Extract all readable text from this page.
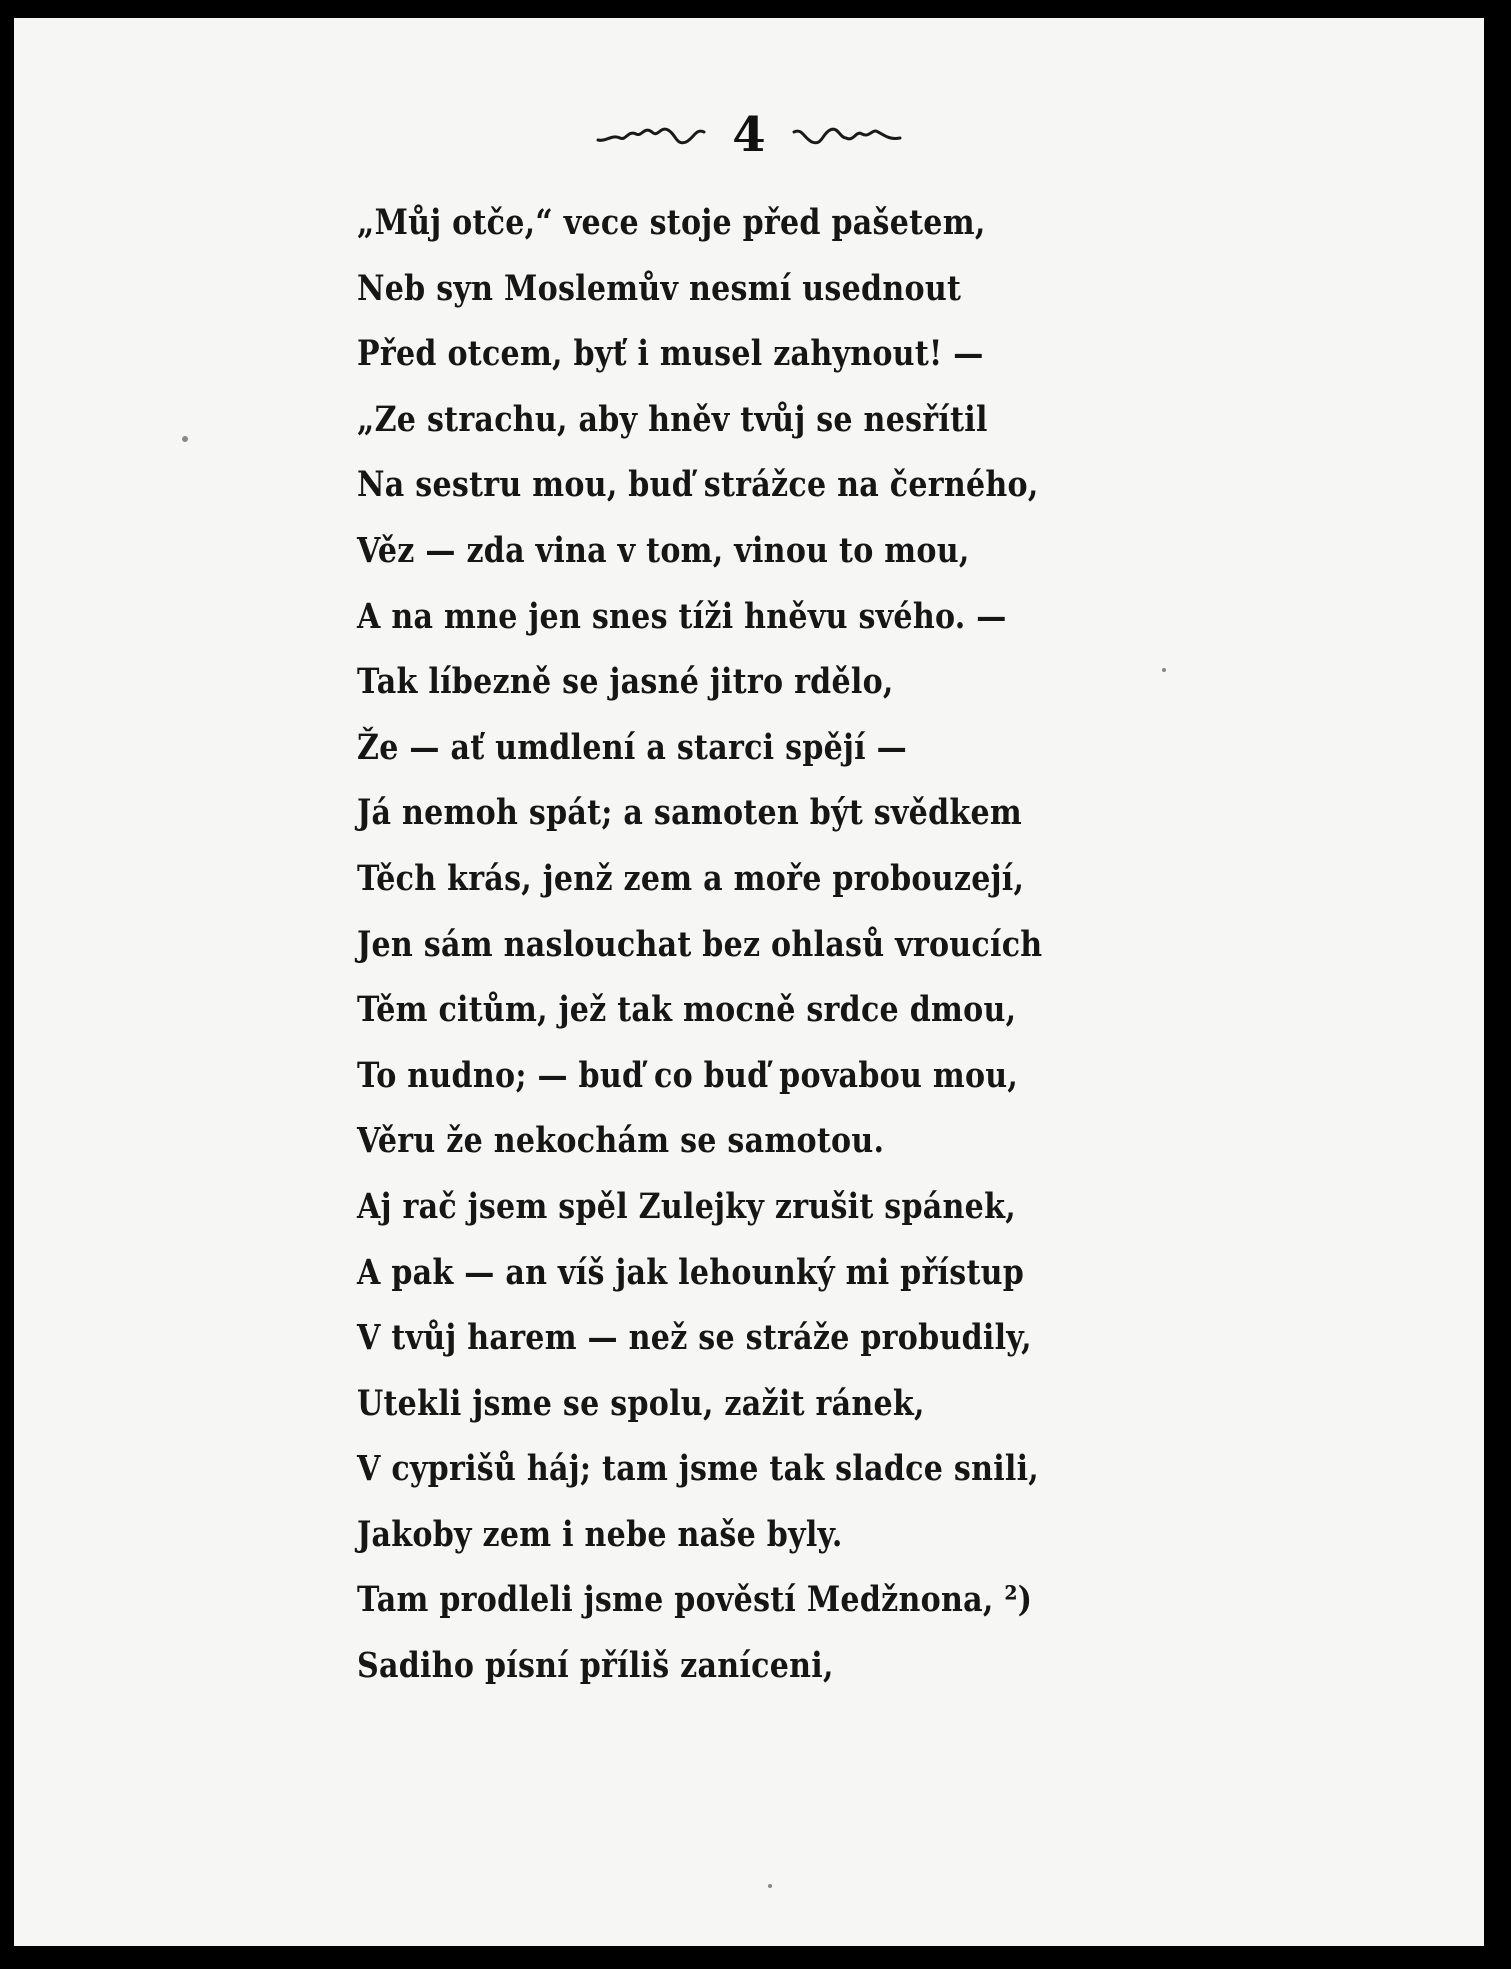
4
„Můj otče,“ vece stoje před pašetem,
Neb syn Moslemův nesmí usednout
Před otcem, byť i musel zahynout! —
„Ze strachu, aby hněv tvůj se nesřítil
Na sestru mou, buď strážce na černého,
Věz — zda vina v tom, vinou to mou,
A na mne jen snes tíži hněvu svého. —
Tak líbezně se jasné jitro rdělo,
Že — ať umdlení a starci spějí —
Já nemoh spát; a samoten být svědkem
Těch krás, jenž zem a moře probouzejí,
Jen sám naslouchat bez ohlasů vroucích
Těm citům, jež tak mocně srdce dmou,
To nudno; — buď co buď povabou mou,
Věru že nekochám se samotou.
Aj rač jsem spěl Zulejky zrušit spánek,
A pak — an víš jak lehounký mi přístup
V tvůj harem — než se stráže probudily,
Utekli jsme se spolu, zažit ránek,
V cyprišů háj; tam jsme tak sladce snili,
Jakoby zem i nebe naše byly.
Tam prodleli jsme pověstí Medžnona, ²)
Sadiho písní příliš zaníceni,
